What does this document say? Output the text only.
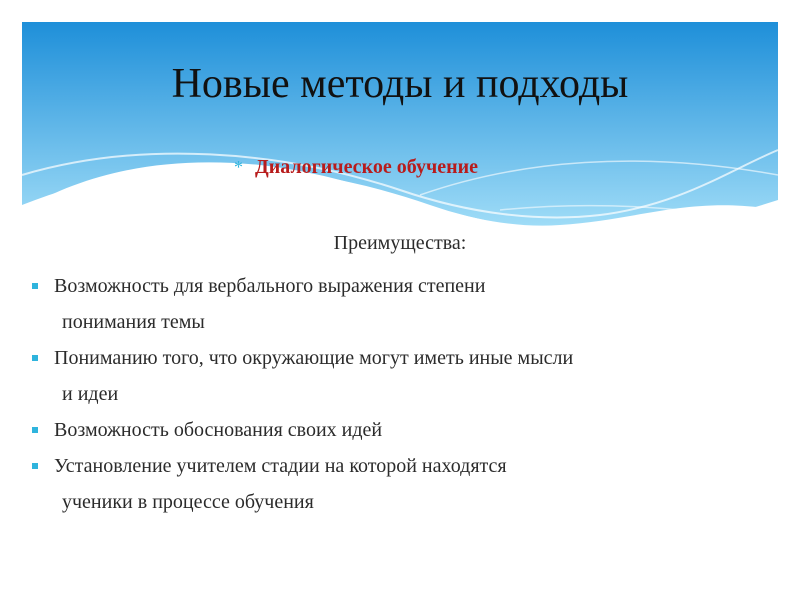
Новые методы и подходы
* Диалогическое обучение
Преимущества:
Возможность для вербального выражения степени
понимания темы
Пониманию того, что окружающие могут иметь иные мысли
и идеи
Возможность обоснования своих идей
Установление учителем стадии на которой находятся
ученики в процессе обучения
